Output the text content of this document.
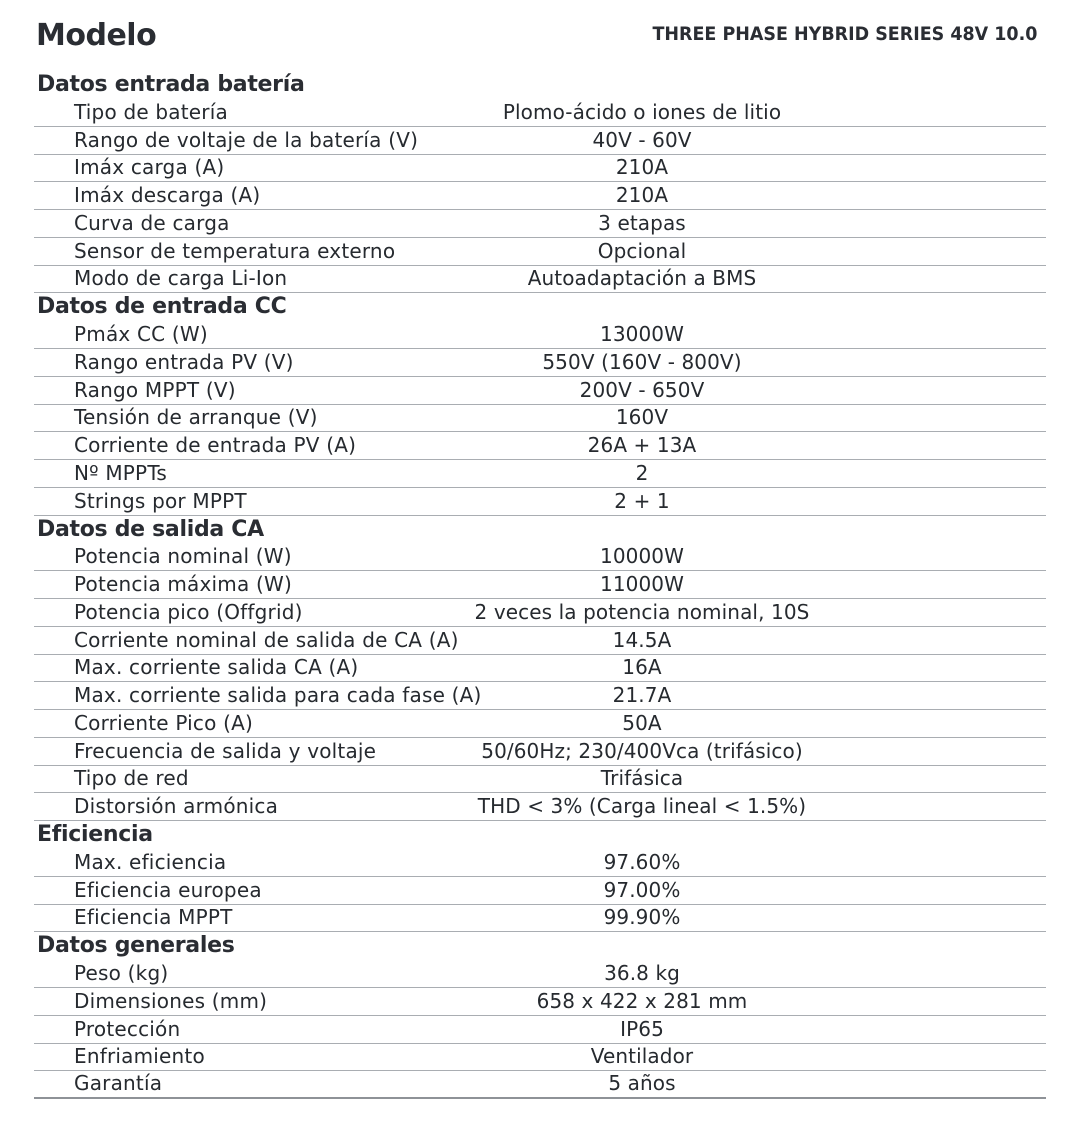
Modelo	THREE PHASE HYBRID SERIES 48V 10.0
Datos entrada batería
Tipo de batería	Plomo-ácido o iones de litio
Rango de voltaje de la batería (V)	40V - 60V
Imáx carga (A)	210A
Imáx descarga (A)	210A
Curva de carga	3 etapas
Sensor de temperatura externo	Opcional
Modo de carga Li-Ion	Autoadaptación a BMS
Datos de entrada CC
Pmáx CC (W)	13000W
Rango entrada PV (V)	550V (160V - 800V)
Rango MPPT (V)	200V - 650V
Tensión de arranque (V)	160V
Corriente de entrada PV (A)	26A + 13A
Nº MPPTs	2
Strings por MPPT	2 + 1
Datos de salida CA
Potencia nominal (W)	10000W
Potencia máxima (W)	11000W
Potencia pico (Offgrid)	2 veces la potencia nominal, 10S
Corriente nominal de salida de CA (A)	14.5A
Max. corriente salida CA (A)	16A
Max. corriente salida para cada fase (A)	21.7A
Corriente Pico (A)	50A
Frecuencia de salida y voltaje	50/60Hz; 230/400Vca (trifásico)
Tipo de red	Trifásica
Distorsión armónica	THD < 3% (Carga lineal < 1.5%)
Eficiencia
Max. eficiencia	97.60%
Eficiencia europea	97.00%
Eficiencia MPPT	99.90%
Datos generales
Peso (kg)	36.8 kg
Dimensiones (mm)	658 x 422 x 281 mm
Protección	IP65
Enfriamiento	Ventilador
Garantía	5 años
